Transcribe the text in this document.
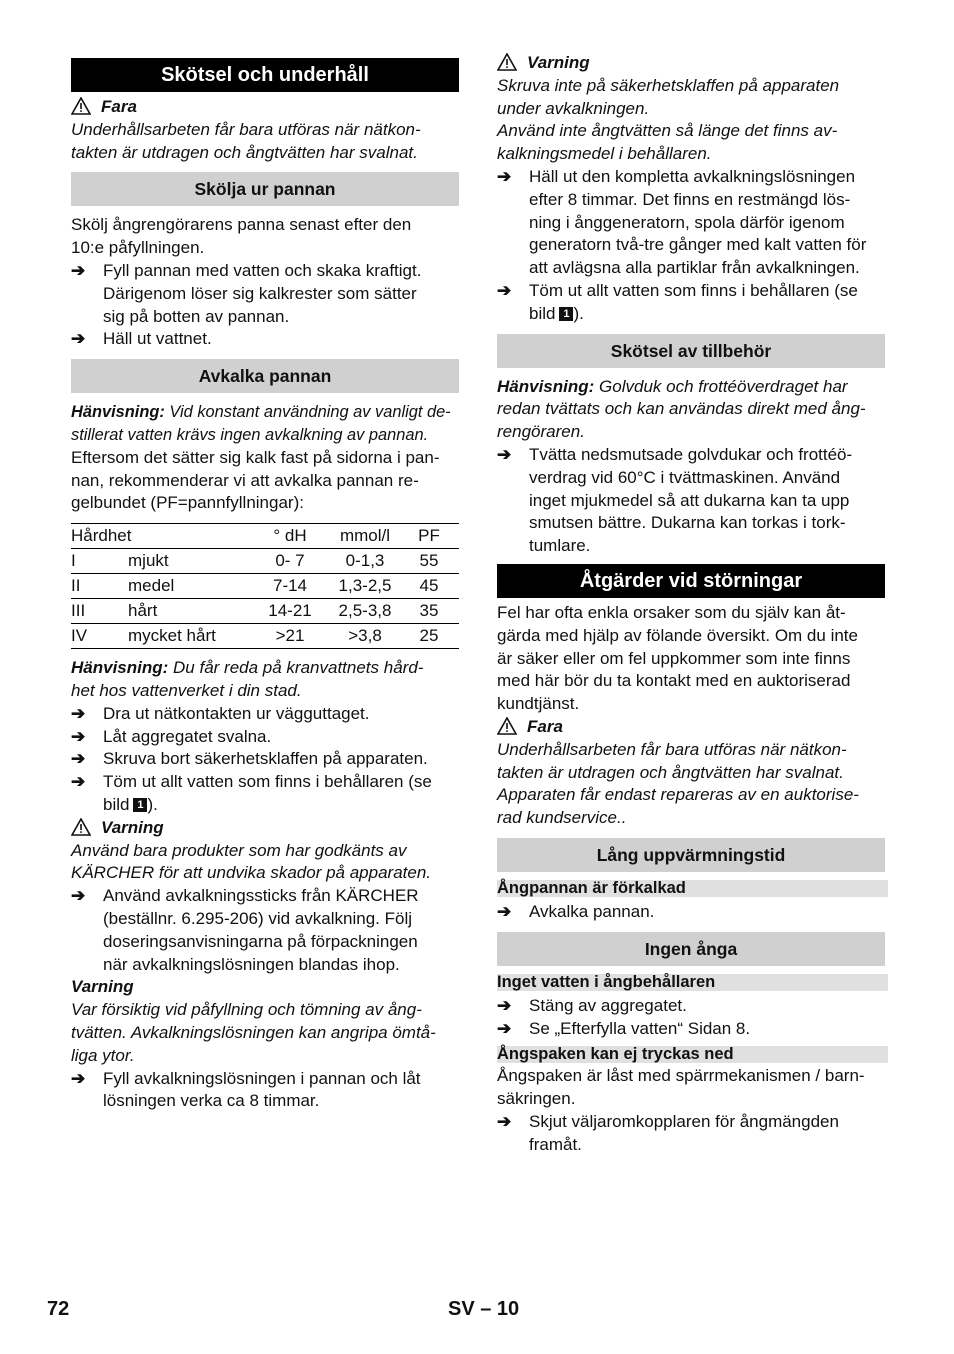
Skötsel och underhåll
Fara

Underhållsarbeten får bara utföras när nätkon-

takten är utdragen och ångtvätten har svalnat.

Skölja ur pannan

Skölj ångrengörarens panna senast efter den

10:e påfyllningen.

➔	Fyll pannan med vatten och skaka kraftigt.

Därigenom löser sig kalkrester som sätter

sig på botten av pannan.

➔	Häll ut vattnet.

Avkalka pannan

Hänvisning: Vid konstant användning av vanligt de-

stillerat vatten krävs ingen avkalkning av pannan.

Eftersom det sätter sig kalk fast på sidorna i pan-

nan, rekommenderar vi att avkalka pannan re-

gelbundet (PF=pannfyllningar):

Hårdhet		° dH	mmol/l	PF
I	mjukt	0- 7	0-1,3	55
II	medel	7-14	1,3-2,5	45
III	hårt	14-21	2,5-3,8	35
IV	mycket hårt	>21	>3,8	25

Hänvisning: Du får reda på kranvattnets hård-

het hos vattenverket i din stad.

➔	Dra ut nätkontakten ur vägguttaget.

➔	Låt aggregatet svalna.

➔	Skruva bort säkerhetsklaffen på apparaten.

➔	Töm ut allt vatten som finns i behållaren (se

bild 1 ).

Varning

Använd bara produkter som har godkänts av

KÄRCHER för att undvika skador på apparaten.

➔	Använd avkalkningssticks från KÄRCHER

(beställnr. 6.295-206) vid avkalkning. Följ

doseringsanvisningarna på förpackningen

när avkalkningslösningen blandas ihop.

Varning

Var försiktig vid påfyllning och tömning av ång-

tvätten. Avkalkningslösningen kan angripa ömtå-

liga ytor.

➔	Fyll avkalkningslösningen i pannan och låt

lösningen verka ca 8 timmar.

Varning

Skruva inte på säkerhetsklaffen på apparaten

under avkalkningen.

Använd inte ångtvätten så länge det finns av-

kalkningsmedel i behållaren.

➔	Häll ut den kompletta avkalkningslösningen

efter 8 timmar. Det finns en restmängd lös-

ning i ånggeneratorn, spola därför igenom

generatorn två-tre gånger med kalt vatten för

att avlägsna alla partiklar från avkalkningen.

➔	Töm ut allt vatten som finns i behållaren (se

bild 1 ).

Skötsel av tillbehör

Hänvisning: Golvduk och frottéöverdraget har

redan tvättats och kan användas direkt med ång-

rengöraren.

➔	Tvätta nedsmutsade golvdukar och frottéö-

verdrag vid 60°C i tvättmaskinen. Använd

inget mjukmedel så att dukarna kan ta upp

smutsen bättre. Dukarna kan torkas i tork-

tumlare.

Åtgärder vid störningar

Fel har ofta enkla orsaker som du själv kan åt-

gärda med hjälp av fölande översikt. Om du inte

är säker eller om fel uppkommer som inte finns

med här bör du ta kontakt med en auktoriserad

kundtjänst.

Fara

Underhållsarbeten får bara utföras när nätkon-

takten är utdragen och ångtvätten har svalnat.

Apparaten får endast repareras av en auktorise-

rad kundservice..

Lång uppvärmningstid
Ångpannan är förkalkad
➔	Avkalka pannan.

Ingen ånga
Inget vatten i ångbehållaren
➔	Stäng av aggregatet.

➔	Se „Efterfylla vatten“ Sidan 8.

Ångspaken kan ej tryckas ned

Ångspaken är låst med spärrmekanismen / barn-

säkringen.

➔	Skjut väljaromkopplaren för ångmängden

framåt.

72	SV – 10
